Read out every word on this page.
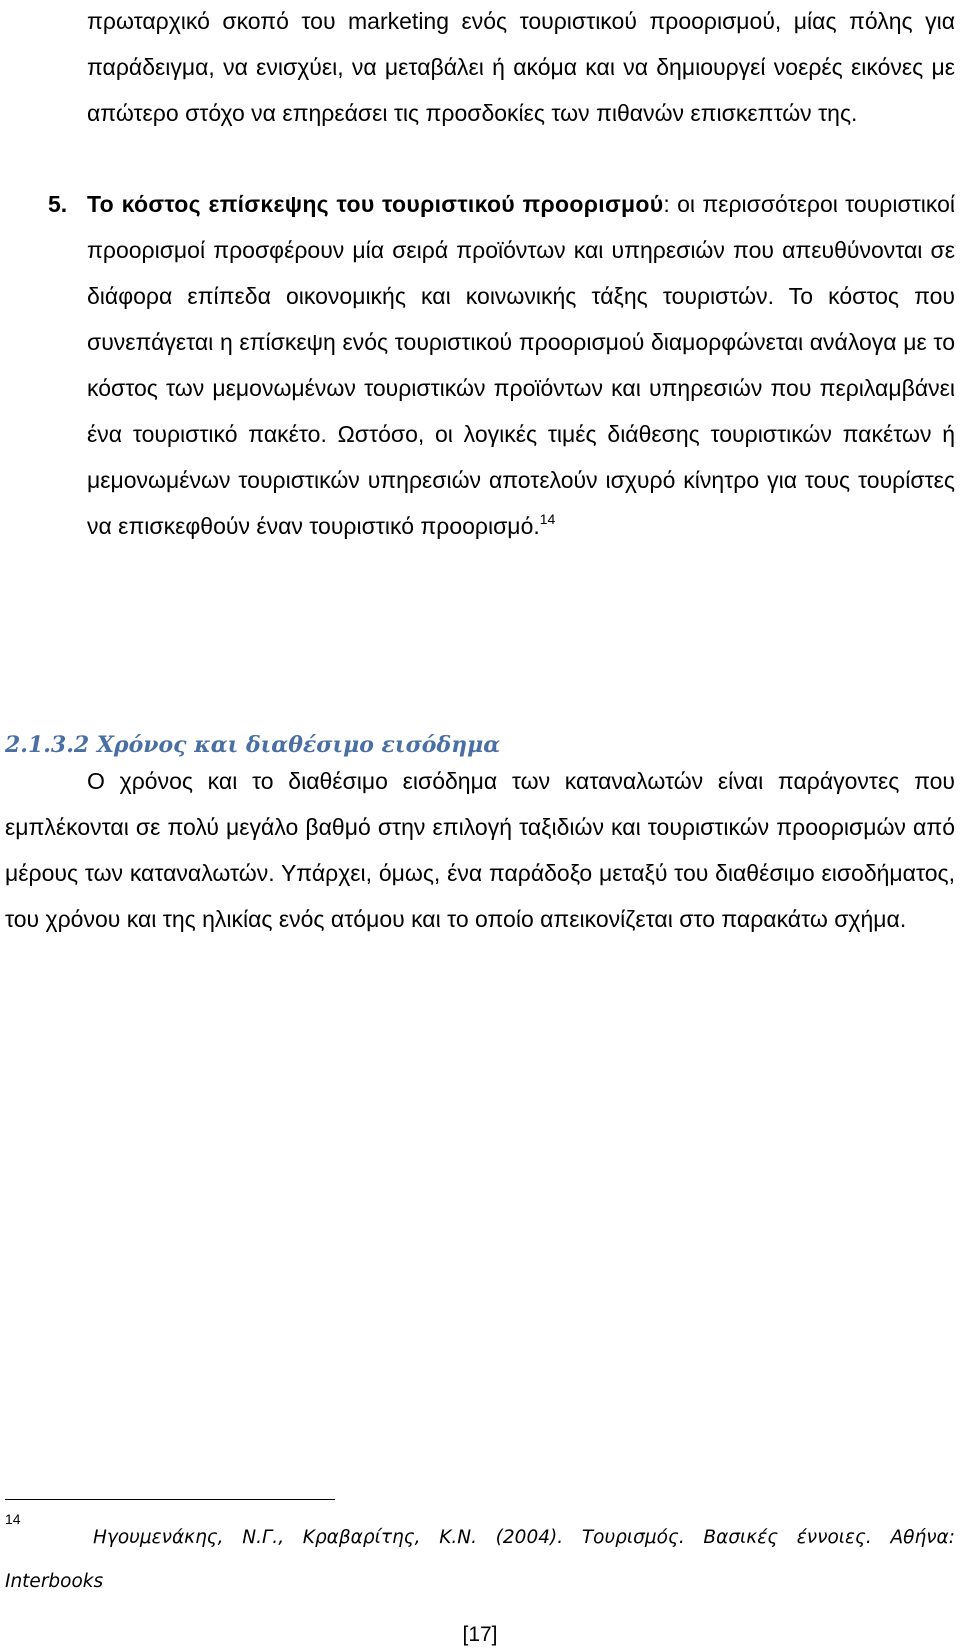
πρωταρχικό σκοπό του marketing ενός τουριστικού προορισμού, μίας πόλης για παράδειγμα, να ενισχύει, να μεταβάλει ή ακόμα και να δημιουργεί νοερές εικόνες με απώτερο στόχο να επηρεάσει τις προσδοκίες των πιθανών επισκεπτών της.

5. Το κόστος επίσκεψης του τουριστικού προορισμού: οι περισσότεροι τουριστικοί προορισμοί προσφέρουν μία σειρά προϊόντων και υπηρεσιών που απευθύνονται σε διάφορα επίπεδα οικονομικής και κοινωνικής τάξης τουριστών. Το κόστος που συνεπάγεται η επίσκεψη ενός τουριστικού προορισμού διαμορφώνεται ανάλογα με το κόστος των μεμονωμένων τουριστικών προϊόντων και υπηρεσιών που περιλαμβάνει ένα τουριστικό πακέτο. Ωστόσο, οι λογικές τιμές διάθεσης τουριστικών πακέτων ή μεμονωμένων τουριστικών υπηρεσιών αποτελούν ισχυρό κίνητρο για τους τουρίστες να επισκεφθούν έναν τουριστικό προορισμό.$^{14}$

2.1.3.2 Χρόνος και διαθέσιμο εισόδημα

Ο χρόνος και το διαθέσιμο εισόδημα των καταναλωτών είναι παράγοντες που εμπλέκονται σε πολύ μεγάλο βαθμό στην επιλογή ταξιδιών και τουριστικών προορισμών από μέρους των καταναλωτών. Υπάρχει, όμως, ένα παράδοξο μεταξύ του διαθέσιμο εισοδήματος, του χρόνου και της ηλικίας ενός ατόμου και το οποίο απεικονίζεται στο παρακάτω σχήμα.

14

Ηγουμενάκης, Ν.Γ., Κραβαρίτης, Κ.Ν. (2004). Τουρισμός. Βασικές έννοιες. Αθήνα: Interbooks

[17]
